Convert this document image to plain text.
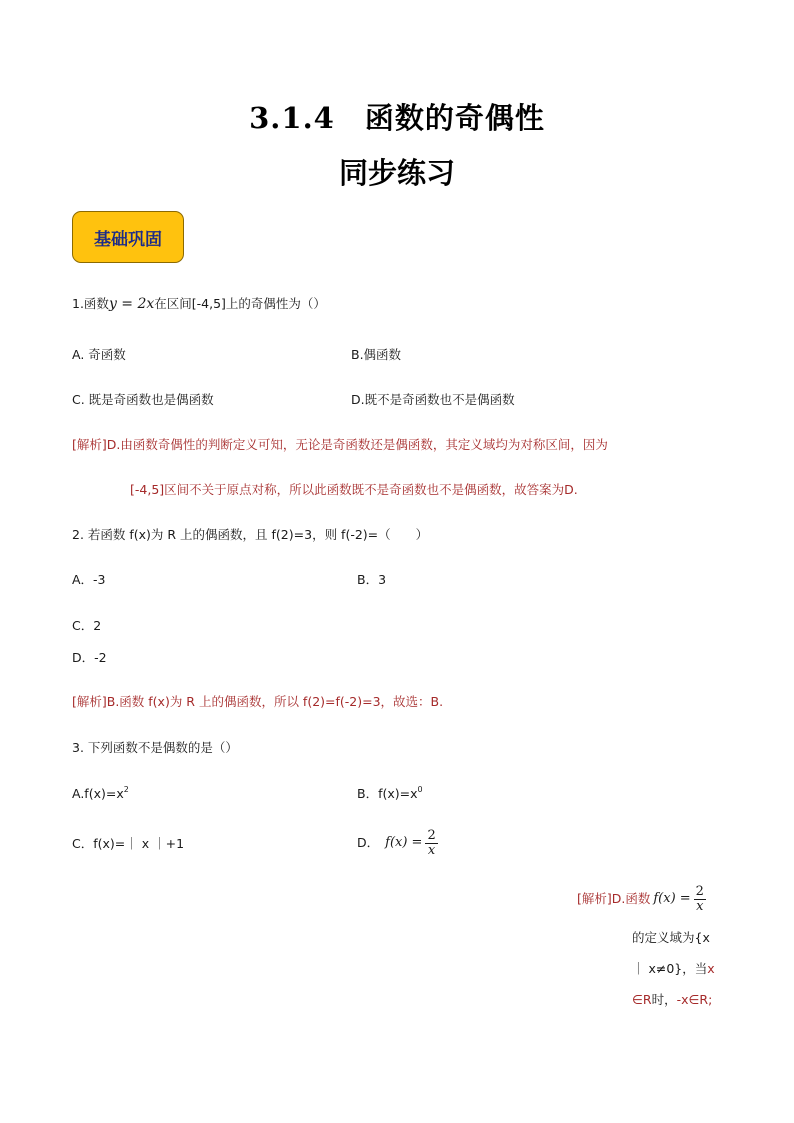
3.1.4  函数的奇偶性
同步练习
基础巩固
1.函数y = 2x在区间[-4,5]上的奇偶性为（）
A. 奇函数	B.偶函数
C. 既是奇函数也是偶函数	D.既不是奇函数也不是偶函数
[解析]D.由函数奇偶性的判断定义可知，无论是奇函数还是偶函数，其定义域均为对称区间，因为
[-4,5]区间不关于原点对称，所以此函数既不是奇函数也不是偶函数，故答案为D.
2. 若函数 f(x)为 R 上的偶函数，且 f(2)=3，则 f(-2)=（　　）
A．-3	B．3
C．2
D．-2
[解析]B.函数 f(x)为 R 上的偶函数，所以 f(2)=f(-2)=3，故选：B.
3. 下列函数不是偶数的是（）
$A.f(x)=x^2$	B．$f(x)=x^0$
C．f(x)=｜ x ｜+1	D． $f(x) = \frac{2}{x}$
[解析]D.函数 $f(x) = \frac{2}{x}$
的定义域为{x
｜ x≠0}，当x
∈R时，-x∈R;
